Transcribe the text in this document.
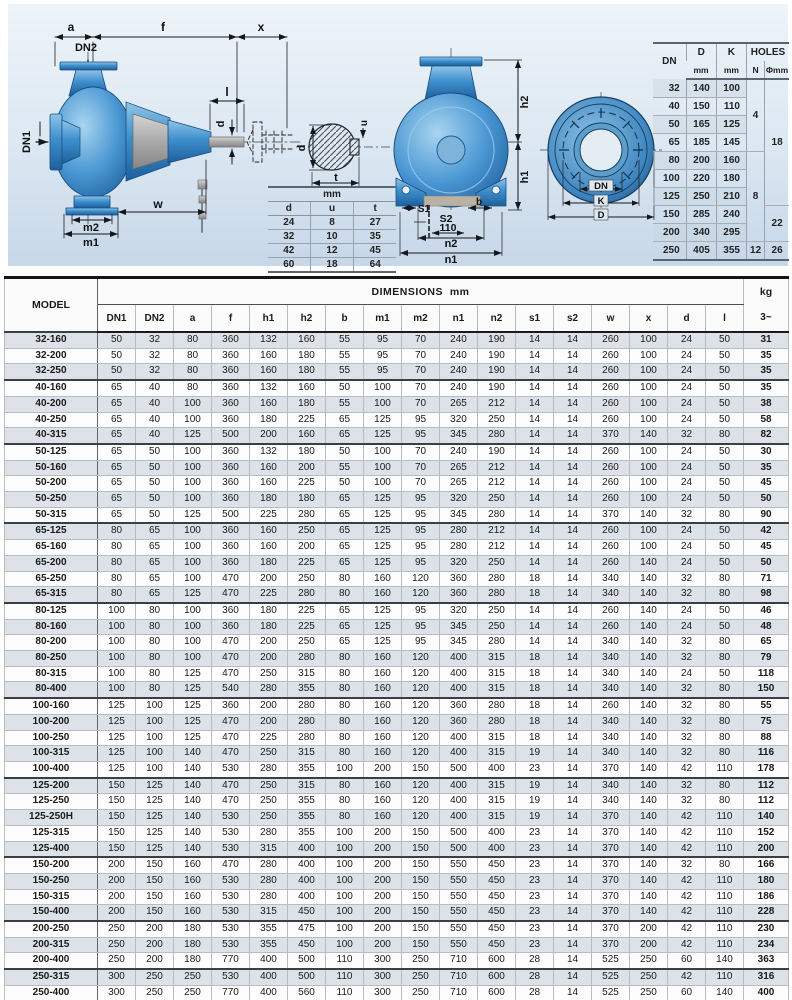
a	f	x
DN2
DN1
l
d
m2
m1
w
d
u
t
h2
h1
S1
b
S2
110
n2
n1
DN
K
D
mm		
d	u	t
24	8	27
32	10	35
42	12	45
60	18	64
DN	D	K	HOLES	
	mm	mm	N	Φmm
32	140	100	4	18
40	150	110		
50	165	125		
65	185	145		
80	200	160	8	
100	220	180		
125	250	210		
150	285	240		22
200	340	295		
250	405	355	12	26
MODEL	DIMENSIONS  mm																	kg
	DN1	DN2	a	f	h1	h2	b	m1	m2	n1	n2	s1	s2	w	x	d	l	3~
32-160	50	32	80	360	132	160	55	95	70	240	190	14	14	260	100	24	50	31
32-200	50	32	80	360	160	180	55	95	70	240	190	14	14	260	100	24	50	35
32-250	50	32	80	360	160	180	55	95	70	240	190	14	14	260	100	24	50	35
40-160	65	40	80	360	132	160	50	100	70	240	190	14	14	260	100	24	50	35
40-200	65	40	100	360	160	180	55	100	70	265	212	14	14	260	100	24	50	38
40-250	65	40	100	360	180	225	65	125	95	320	250	14	14	260	100	24	50	58
40-315	65	40	125	500	200	160	65	125	95	345	280	14	14	370	140	32	80	82
50-125	65	50	100	360	132	180	50	100	70	240	190	14	14	260	100	24	50	30
50-160	65	50	100	360	160	200	55	100	70	265	212	14	14	260	100	24	50	35
50-200	65	50	100	360	160	225	50	100	70	265	212	14	14	260	100	24	50	45
50-250	65	50	100	360	180	180	65	125	95	320	250	14	14	260	100	24	50	50
50-315	65	50	125	500	225	280	65	125	95	345	280	14	14	370	140	32	80	90
65-125	80	65	100	360	160	250	65	125	95	280	212	14	14	260	100	24	50	42
65-160	80	65	100	360	160	200	65	125	95	280	212	14	14	260	100	24	50	45
65-200	80	65	100	360	180	225	65	125	95	320	250	14	14	260	140	24	50	50
65-250	80	65	100	470	200	250	80	160	120	360	280	18	14	340	140	32	80	71
65-315	80	65	125	470	225	280	80	160	120	360	280	18	14	340	140	32	80	98
80-125	100	80	100	360	180	225	65	125	95	320	250	14	14	260	140	24	50	46
80-160	100	80	100	360	180	225	65	125	95	345	250	14	14	260	140	24	50	48
80-200	100	80	100	470	200	250	65	125	95	345	280	14	14	340	140	32	80	65
80-250	100	80	100	470	200	280	80	160	120	400	315	18	14	340	140	32	80	79
80-315	100	80	125	470	250	315	80	160	120	400	315	18	14	340	140	24	50	118
80-400	100	80	125	540	280	355	80	160	120	400	315	18	14	340	140	32	80	150
100-160	125	100	125	360	200	280	80	160	120	360	280	18	14	260	140	32	80	55
100-200	125	100	125	470	200	280	80	160	120	360	280	18	14	340	140	32	80	75
100-250	125	100	125	470	225	280	80	160	120	400	315	18	14	340	140	32	80	88
100-315	125	100	140	470	250	315	80	160	120	400	315	19	14	340	140	32	80	116
100-400	125	100	140	530	280	355	100	200	150	500	400	23	14	370	140	42	110	178
125-200	150	125	140	470	250	315	80	160	120	400	315	19	14	340	140	32	80	112
125-250	150	125	140	470	250	355	80	160	120	400	315	19	14	340	140	32	80	112
125-250H	150	125	140	530	250	355	80	160	120	400	315	19	14	370	140	42	110	140
125-315	150	125	140	530	280	355	100	200	150	500	400	23	14	370	140	42	110	152
125-400	150	125	140	530	315	400	100	200	150	500	400	23	14	370	140	42	110	200
150-200	200	150	160	470	280	400	100	200	150	550	450	23	14	370	140	32	80	166
150-250	200	150	160	530	280	400	100	200	150	550	450	23	14	370	140	42	110	180
150-315	200	150	160	530	280	400	100	200	150	550	450	23	14	370	140	42	110	186
150-400	200	150	160	530	315	450	100	200	150	550	450	23	14	370	140	42	110	228
200-250	250	200	180	530	355	475	100	200	150	550	450	23	14	370	200	42	110	230
200-315	250	200	180	530	355	450	100	200	150	550	450	23	14	370	200	42	110	234
200-400	250	200	180	770	400	500	110	300	250	710	600	28	14	525	250	60	140	363
250-315	300	250	250	530	400	500	110	300	250	710	600	28	14	525	250	42	110	316
250-400	300	250	250	770	400	560	110	300	250	710	600	28	14	525	250	60	140	400
